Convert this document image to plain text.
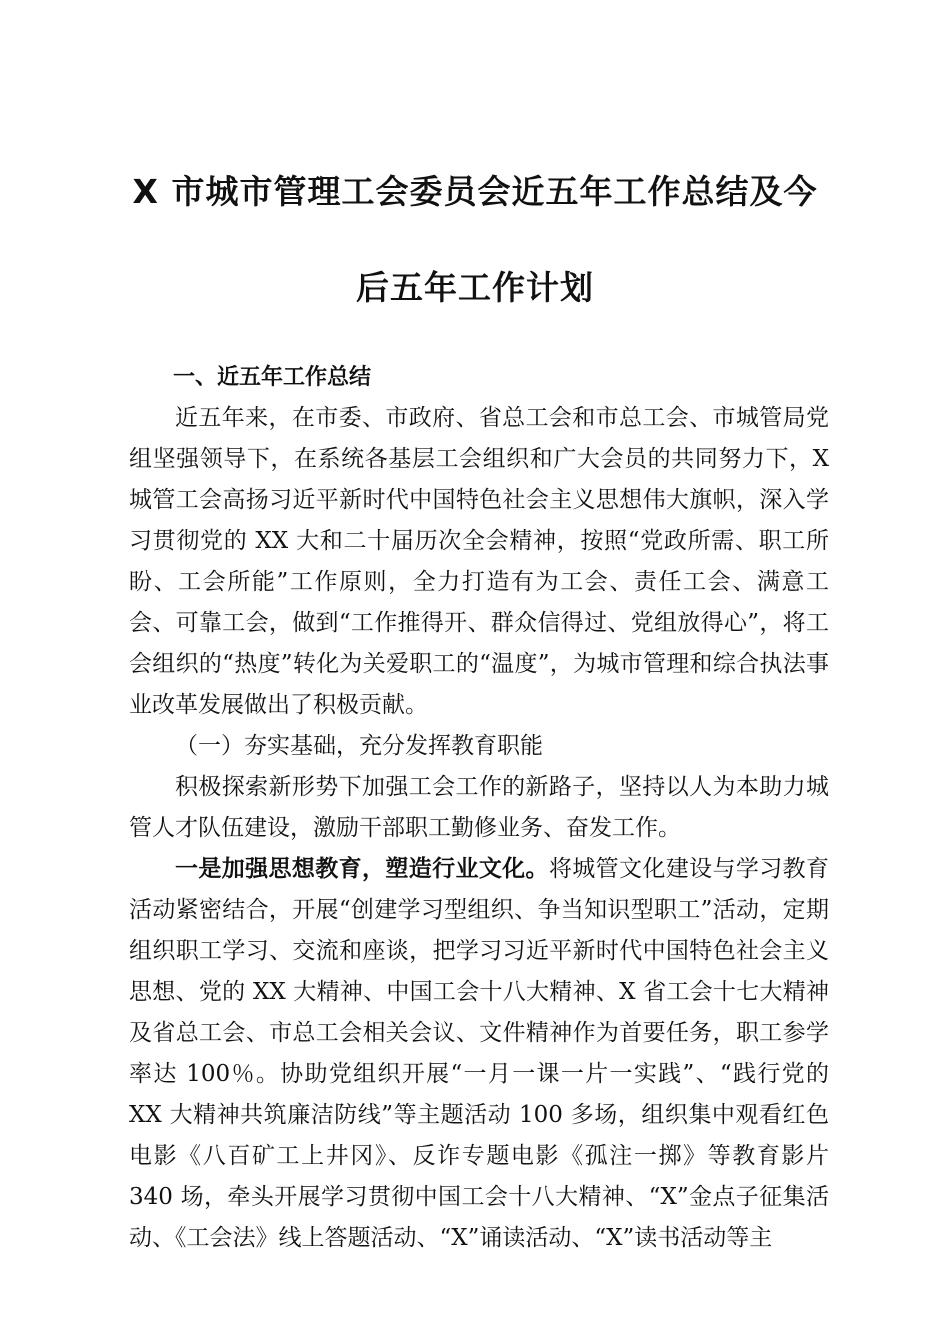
X 市城市管理工会委员会近五年工作总结及今
后五年工作计划

一、近五年工作总结

近五年来，在市委、市政府、省总工会和市总工会、市城管局党组坚强领导下，在系统各基层工会组织和广大会员的共同努力下，X 城管工会高扬习近平新时代中国特色社会主义思想伟大旗帜，深入学习贯彻党的 XX 大和二十届历次全会精神，按照“党政所需、职工所盼、工会所能”工作原则，全力打造有为工会、责任工会、满意工会、可靠工会，做到“工作推得开、群众信得过、党组放得心”，将工会组织的“热度”转化为关爱职工的“温度”，为城市管理和综合执法事业改革发展做出了积极贡献。

（一）夯实基础，充分发挥教育职能

积极探索新形势下加强工会工作的新路子，坚持以人为本助力城管人才队伍建设，激励干部职工勤修业务、奋发工作。

一是加强思想教育，塑造行业文化。将城管文化建设与学习教育活动紧密结合，开展“创建学习型组织、争当知识型职工”活动，定期组织职工学习、交流和座谈，把学习习近平新时代中国特色社会主义思想、党的 XX 大精神、中国工会十八大精神、X 省工会十七大精神及省总工会、市总工会相关会议、文件精神作为首要任务，职工参学率达 100％。协助党组织开展“一月一课一片一实践”、“践行党的 XX 大精神共筑廉洁防线”等主题活动 100 多场，组织集中观看红色电影《八百矿工上井冈》、反诈专题电影《孤注一掷》等教育影片 340 场，牵头开展学习贯彻中国工会十八大精神、“X”金点子征集活动、《工会法》线上答题活动、“X”诵读活动、“X”读书活动等主
